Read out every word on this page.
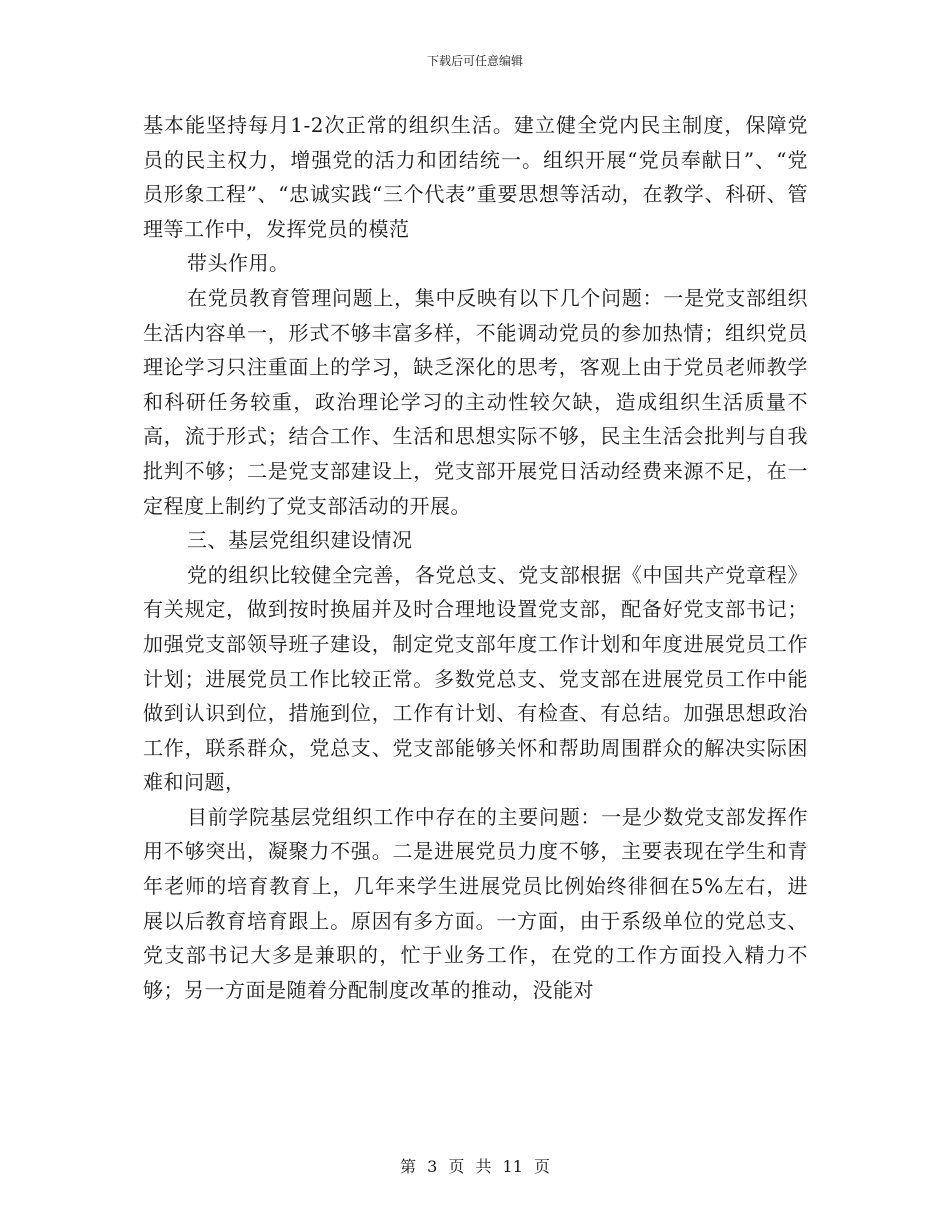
下载后可任意编辑

基本能坚持每月1-2次正常的组织生活。建立健全党内民主制度，保障党员的民主权力，增强党的活力和团结统一。组织开展“党员奉献日”、“党员形象工程”、“忠诚实践“三个代表”重要思想等活动，在教学、科研、管理等工作中，发挥党员的模范

带头作用。

在党员教育管理问题上，集中反映有以下几个问题：一是党支部组织生活内容单一，形式不够丰富多样，不能调动党员的参加热情；组织党员理论学习只注重面上的学习，缺乏深化的思考，客观上由于党员老师教学和科研任务较重，政治理论学习的主动性较欠缺，造成组织生活质量不高，流于形式；结合工作、生活和思想实际不够，民主生活会批判与自我批判不够；二是党支部建设上，党支部开展党日活动经费来源不足，在一定程度上制约了党支部活动的开展。

三、基层党组织建设情况

党的组织比较健全完善，各党总支、党支部根据《中国共产党章程》有关规定，做到按时换届并及时合理地设置党支部，配备好党支部书记；加强党支部领导班子建设，制定党支部年度工作计划和年度进展党员工作计划；进展党员工作比较正常。多数党总支、党支部在进展党员工作中能做到认识到位，措施到位，工作有计划、有检查、有总结。加强思想政治工作，联系群众，党总支、党支部能够关怀和帮助周围群众的解决实际困难和问题，

目前学院基层党组织工作中存在的主要问题：一是少数党支部发挥作用不够突出，凝聚力不强。二是进展党员力度不够，主要表现在学生和青年老师的培育教育上，几年来学生进展党员比例始终徘徊在5%左右，进展以后教育培育跟上。原因有多方面。一方面，由于系级单位的党总支、党支部书记大多是兼职的，忙于业务工作，在党的工作方面投入精力不够；另一方面是随着分配制度改革的推动，没能对

第 3 页 共 11 页
